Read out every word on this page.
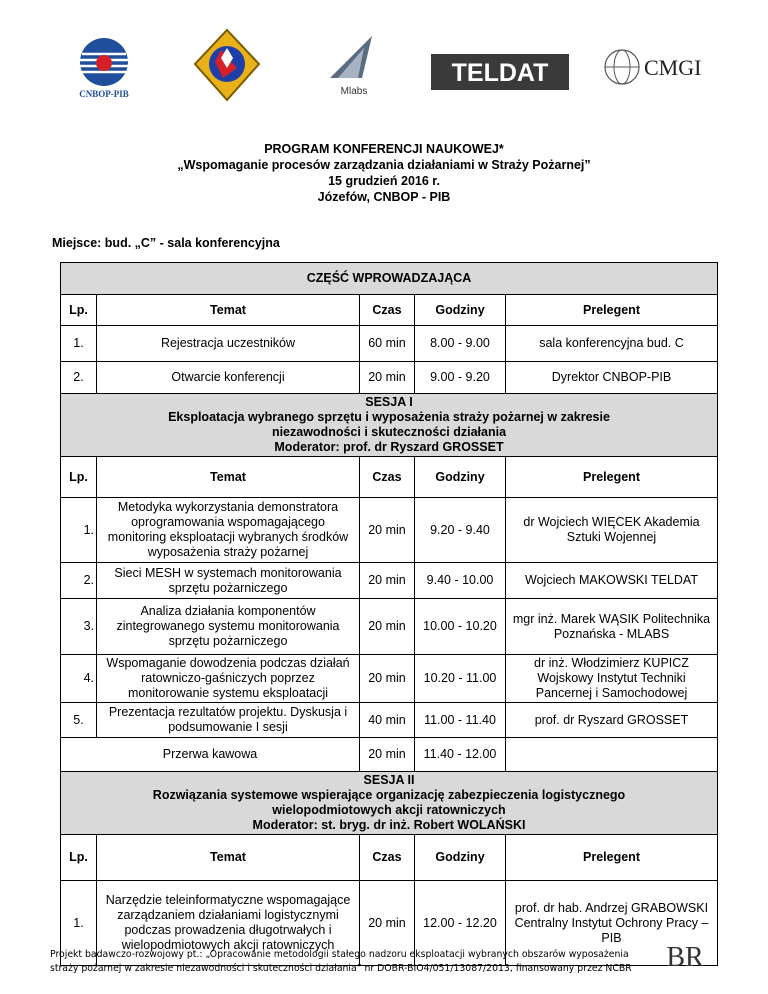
CNBOP-PIB	Mlabs
TELDAT	CMGI
PROGRAM KONFERENCJI NAUKOWEJ*
„Wspomaganie procesów zarządzania działaniami w Straży Pożarnej”
15 grudzień 2016 r.
Józefów, CNBOP - PIB
Miejsce: bud. „C” - sala konferencyjna
CZĘŚĆ WPROWADZAJĄCA				
Lp.	Temat	Czas	Godziny	Prelegent
1.	Rejestracja uczestników	60 min	8.00 - 9.00	sala konferencyjna bud. C
2.	Otwarcie konferencji	20 min	9.00 - 9.20	Dyrektor CNBOP-PIB

SESJA I
Eksploatacja wybranego sprzętu i wyposażenia straży pożarnej w zakresie
niezawodności i skuteczności działania
Moderator: prof. dr Ryszard GROSSET				

Lp.	Temat	Czas	Godziny	Prelegent
1.	Metodyka wykorzystania demonstratora oprogramowania wspomagającego monitoring eksploatacji wybranych środków wyposażenia straży pożarnej	20 min	9.20 - 9.40	dr Wojciech WIĘCEK Akademia Sztuki Wojennej
2.	Sieci MESH w systemach monitorowania sprzętu pożarniczego	20 min	9.40 - 10.00	Wojciech MAKOWSKI TELDAT
3.	Analiza działania komponentów zintegrowanego systemu monitorowania sprzętu pożarniczego	20 min	10.00 - 10.20	mgr inż. Marek WĄSIK Politechnika Poznańska - MLABS
4.	Wspomaganie dowodzenia podczas działań ratowniczo-gaśniczych poprzez monitorowanie systemu eksploatacji	20 min	10.20 - 11.00	dr inż. Włodzimierz KUPICZ Wojskowy Instytut Techniki Pancernej i Samochodowej
5.	Prezentacja rezultatów projektu. Dyskusja i podsumowanie I sesji	40 min	11.00 - 11.40	prof. dr Ryszard GROSSET
Przerwa kawowa		20 min	11.40 - 12.00	

SESJA II
Rozwiązania systemowe wspierające organizację zabezpieczenia logistycznego
wielopodmiotowych akcji ratowniczych
Moderator: st. bryg. dr inż. Robert WOLAŃSKI				

Lp.	Temat	Czas	Godziny	Prelegent
1.	Narzędzie teleinformatyczne wspomagające zarządzaniem działaniami logistycznymi podczas prowadzenia długotrwałych i wielopodmiotowych akcji ratowniczych	20 min	12.00 - 12.20	prof. dr hab. Andrzej GRABOWSKI Centralny Instytut Ochrony Pracy – PIB
Projekt badawczo-rozwojowy pt.: „Opracowanie metodologii stałego nadzoru eksploatacji wybranych obszarów wyposażenia straży pożarnej w zakresie niezawodności i skuteczności działania” nr DOBR-BIO4/051/13087/2013, finansowany przez NCBR	BR
